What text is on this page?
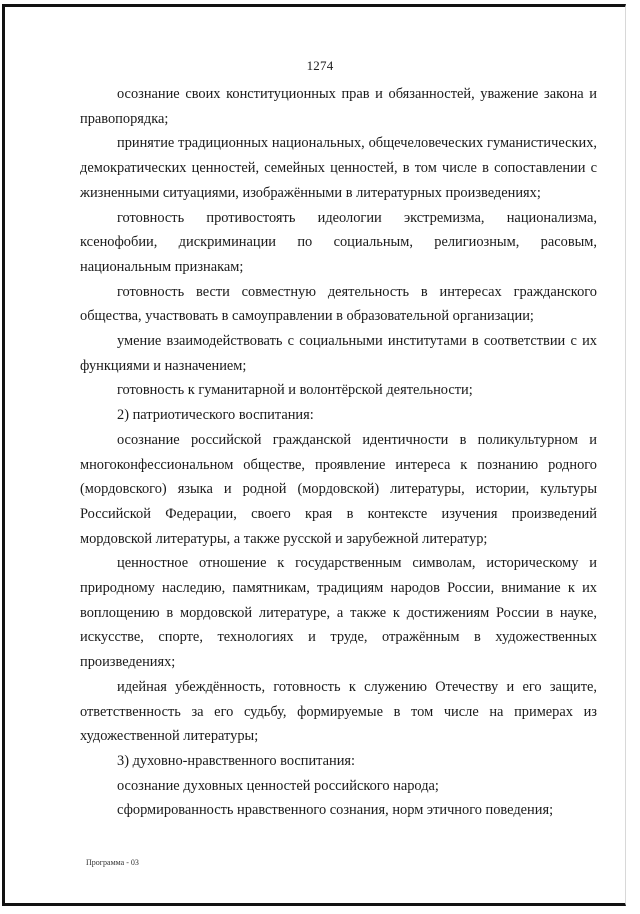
1274

осознание своих конституционных прав и обязанностей, уважение закона и правопорядка;

принятие традиционных национальных, общечеловеческих гуманистических, демократических ценностей, семейных ценностей, в том числе в сопоставлении с жизненными ситуациями, изображёнными в литературных произведениях;

готовность противостоять идеологии экстремизма, национализма, ксенофобии, дискриминации по социальным, религиозным, расовым, национальным признакам;

готовность вести совместную деятельность в интересах гражданского общества, участвовать в самоуправлении в образовательной организации;

умение взаимодействовать с социальными институтами в соответствии с их функциями и назначением;

готовность к гуманитарной и волонтёрской деятельности;

2) патриотического воспитания:

осознание российской гражданской идентичности в поликультурном и многоконфессиональном обществе, проявление интереса к познанию родного (мордовского) языка и родной (мордовской) литературы, истории, культуры Российской Федерации, своего края в контексте изучения произведений мордовской литературы, а также русской и зарубежной литератур;

ценностное отношение к государственным символам, историческому и природному наследию, памятникам, традициям народов России, внимание к их воплощению в мордовской литературе, а также к достижениям России в науке, искусстве, спорте, технологиях и труде, отражённым в художественных произведениях;

идейная убеждённость, готовность к служению Отечеству и его защите, ответственность за его судьбу, формируемые в том числе на примерах из художественной литературы;

3) духовно-нравственного воспитания:

осознание духовных ценностей российского народа;

сформированность нравственного сознания, норм этичного поведения;

Программа - 03
